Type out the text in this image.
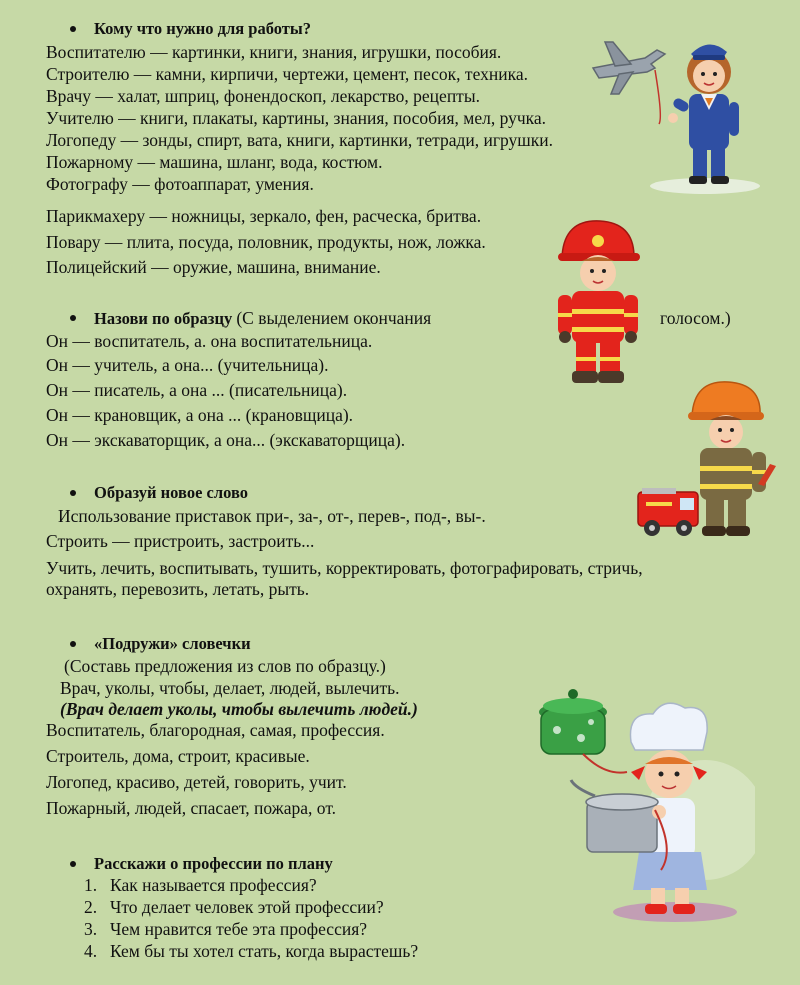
Кому что нужно для работы?
Воспитателю — картинки, книги, знания, игрушки, пособия.
Строителю — камни, кирпичи, чертежи, цемент, песок, техника.
Врачу — халат, шприц, фонендоскоп, лекарство, рецепты.
Учителю — книги, плакаты, картины, знания, пособия, мел, ручка.
Логопеду — зонды, спирт, вата, книги, картинки, тетради, игрушки.
Пожарному — машина, шланг, вода, костюм.
Фотографу — фотоаппарат, умения.
Парикмахеру — ножницы, зеркало, фен, расческа, бритва.
Повару — плита, посуда, половник, продукты, нож, ложка.
Полицейский — оружие, машина, внимание.
Назови по образцу (С выделением окончания	голосом.)
Он — воспитатель, а. она воспитательница.
Он — учитель, а она... (учительница).
Он — писатель, а она ... (писательница).
Он — крановщик, а она ... (крановщица).
Он — экскаваторщик, а она... (экскаваторщица).
Образуй новое слово
Использование приставок при-, за-, от-, перев-, под-, вы-.
Строить — пристроить, застроить...
Учить, лечить, воспитывать, тушить, корректировать, фотографировать, стричь,
охранять, перевозить, летать, рыть.
«Подружи» словечки
(Составь предложения из слов по образцу.)
Врач, уколы, чтобы, делает, людей, вылечить.
(Врач делает уколы, чтобы вылечить людей.)
Воспитатель, благородная, самая, профессия.
Строитель, дома, строит, красивые.
Логопед, красиво, детей, говорить, учит.
Пожарный, людей, спасает, пожара, от.
Расскажи о профессии по плану
1. Как называется профессия?
2. Что делает человек этой профессии?
3. Чем нравится тебе эта профессия?
4. Кем бы ты хотел стать, когда вырастешь?
